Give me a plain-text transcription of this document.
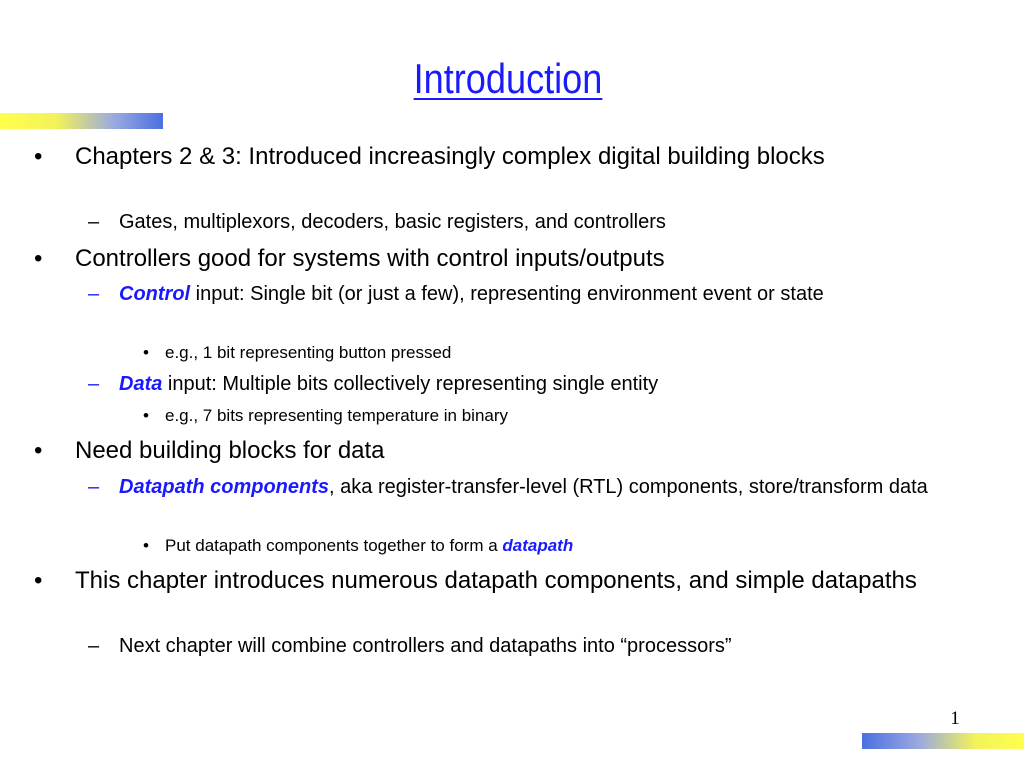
Introduction
• Chapters 2 & 3: Introduced increasingly complex digital building blocks
– Gates, multiplexors, decoders, basic registers, and controllers
• Controllers good for systems with control inputs/outputs
– Control input: Single bit (or just a few), representing environment event or state
• e.g., 1 bit representing button pressed
– Data input: Multiple bits collectively representing single entity
• e.g., 7 bits representing temperature in binary
• Need building blocks for data
– Datapath components, aka register-transfer-level (RTL) components, store/transform data
• Put datapath components together to form a datapath
• This chapter introduces numerous datapath components, and simple datapaths
– Next chapter will combine controllers and datapaths into “processors”
1
